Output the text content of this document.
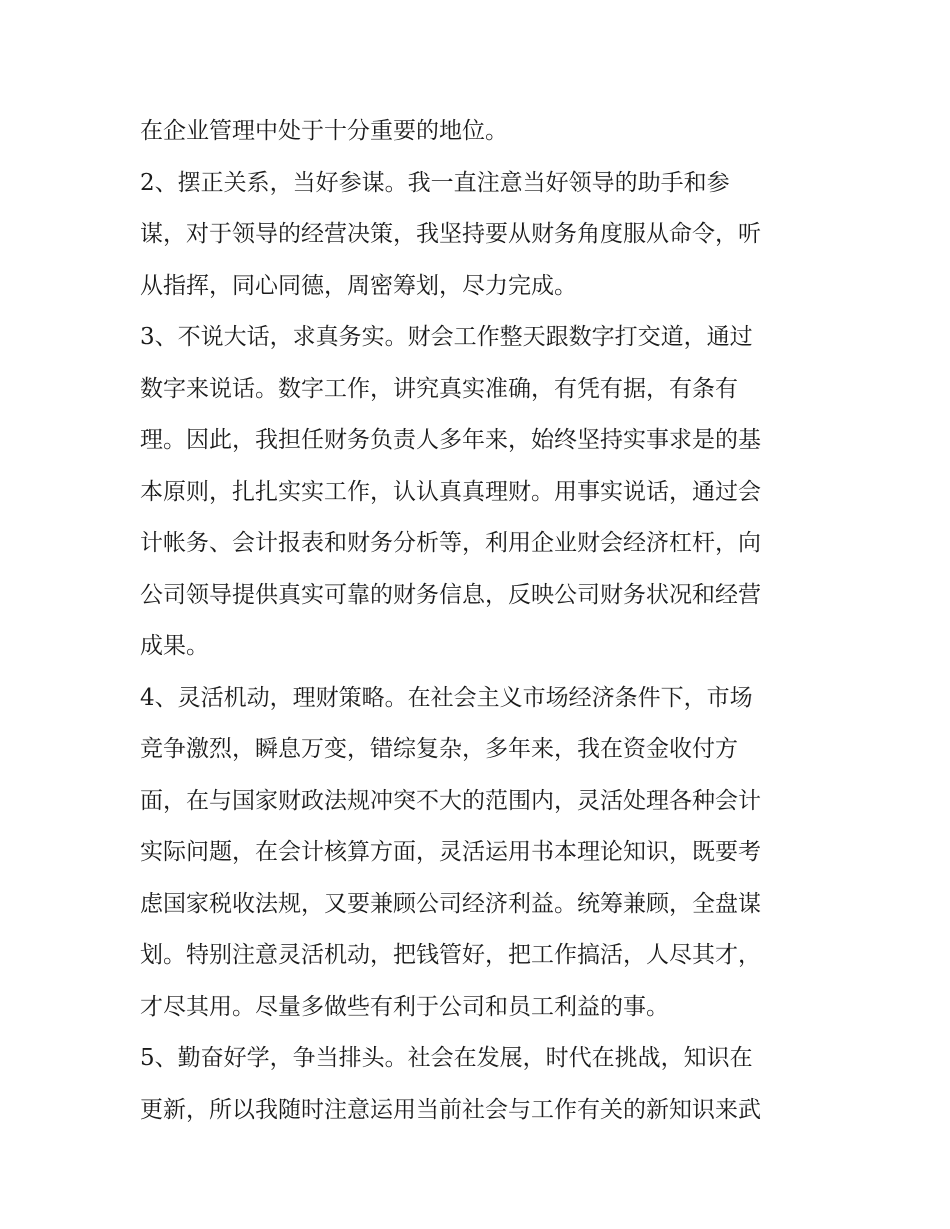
在企业管理中处于十分重要的地位。
2、摆正关系，当好参谋。我一直注意当好领导的助手和参
谋，对于领导的经营决策，我坚持要从财务角度服从命令，听
从指挥，同心同德，周密筹划，尽力完成。
3、不说大话，求真务实。财会工作整天跟数字打交道，通过
数字来说话。数字工作，讲究真实准确，有凭有据，有条有
理。因此，我担任财务负责人多年来，始终坚持实事求是的基
本原则，扎扎实实工作，认认真真理财。用事实说话，通过会
计帐务、会计报表和财务分析等，利用企业财会经济杠杆，向
公司领导提供真实可靠的财务信息，反映公司财务状况和经营
成果。
4、灵活机动，理财策略。在社会主义市场经济条件下，市场
竞争激烈，瞬息万变，错综复杂，多年来，我在资金收付方
面，在与国家财政法规冲突不大的范围内，灵活处理各种会计
实际问题，在会计核算方面，灵活运用书本理论知识，既要考
虑国家税收法规，又要兼顾公司经济利益。统筹兼顾，全盘谋
划。特别注意灵活机动，把钱管好，把工作搞活，人尽其才，
才尽其用。尽量多做些有利于公司和员工利益的事。
5、勤奋好学，争当排头。社会在发展，时代在挑战，知识在
更新，所以我随时注意运用当前社会与工作有关的新知识来武
